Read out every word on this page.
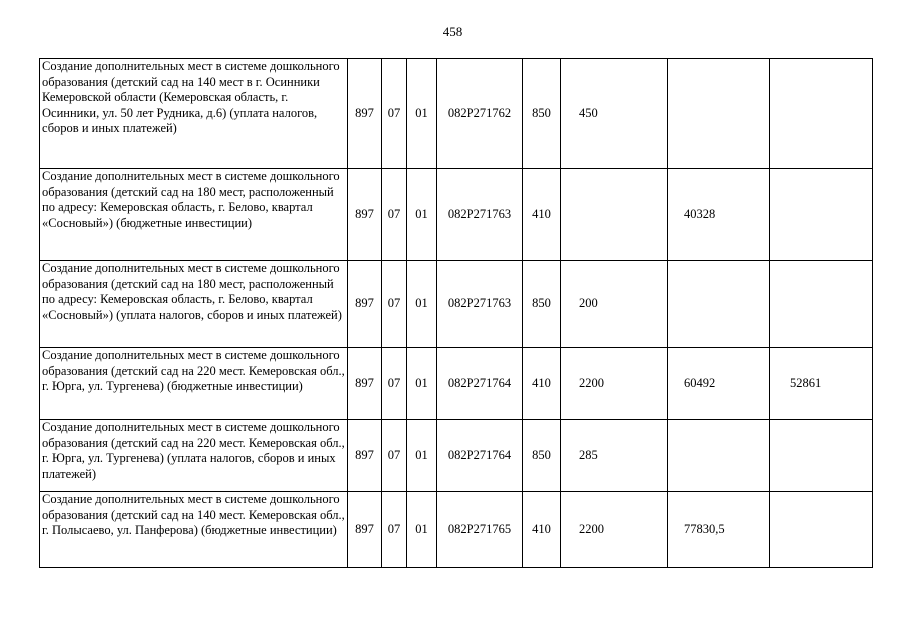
458
Создание дополнительных мест в системе дошкольного образования (детский сад на 140 мест в г. Осинники Кемеровской области (Кемеровская область, г. Осинники, ул. 50 лет Рудника, д.6) (уплата налогов, сборов и иных платежей)	897	07	01	082P271762	850	450		
Создание дополнительных мест в системе дошкольного образования (детский сад на 180 мест, расположенный по адресу: Кемеровская область, г. Белово, квартал «Сосновый») (бюджетные инвестиции)	897	07	01	082P271763	410		40328	
Создание дополнительных мест в системе дошкольного образования (детский сад на 180 мест, расположенный по адресу: Кемеровская область, г. Белово, квартал «Сосновый») (уплата налогов, сборов и иных платежей)	897	07	01	082P271763	850	200		
Создание дополнительных мест в системе дошкольного образования (детский сад на 220 мест. Кемеровская обл., г. Юрга, ул. Тургенева) (бюджетные инвестиции)	897	07	01	082P271764	410	2200	60492	52861
Создание дополнительных мест в системе дошкольного образования (детский сад на 220 мест. Кемеровская обл., г. Юрга, ул. Тургенева) (уплата налогов, сборов и иных платежей)	897	07	01	082P271764	850	285		
Создание дополнительных мест в системе дошкольного образования (детский сад на 140 мест. Кемеровская обл., г. Полысаево, ул. Панферова) (бюджетные инвестиции)	897	07	01	082P271765	410	2200	77830,5	
